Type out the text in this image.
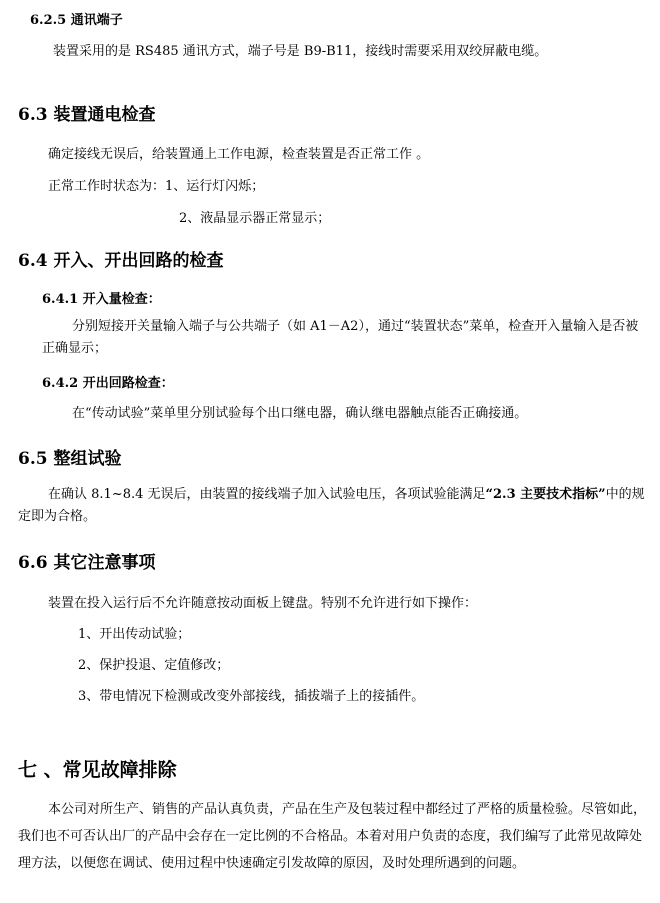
6.2.5 通讯端子
装置采用的是 RS485 通讯方式，端子号是 B9-B11，接线时需要采用双绞屏蔽电缆。
6.3 装置通电检查
确定接线无误后，给装置通上工作电源，检查装置是否正常工作 。
正常工作时状态为：1、运行灯闪烁；
2、液晶显示器正常显示；
6.4 开入、开出回路的检查
6.4.1 开入量检查：
分别短接开关量输入端子与公共端子（如 A1－A2），通过“装置状态”菜单，检查开入量输入是否被正确显示；
6.4.2 开出回路检查：
在“传动试验”菜单里分别试验每个出口继电器，确认继电器触点能否正确接通。
6.5 整组试验
在确认 8.1~8.4 无误后，由装置的接线端子加入试验电压，各项试验能满足“2.3 主要技术指标”中的规定即为合格。
6.6 其它注意事项
装置在投入运行后不允许随意按动面板上键盘。特别不允许进行如下操作：
1、开出传动试验；
2、保护投退、定值修改；
3、带电情况下检测或改变外部接线，插拔端子上的接插件。
七 、常见故障排除
本公司对所生产、销售的产品认真负责，产品在生产及包装过程中都经过了严格的质量检验。尽管如此，我们也不可否认出厂的产品中会存在一定比例的不合格品。本着对用户负责的态度，我们编写了此常见故障处理方法，以便您在调试、使用过程中快速确定引发故障的原因，及时处理所遇到的问题。
